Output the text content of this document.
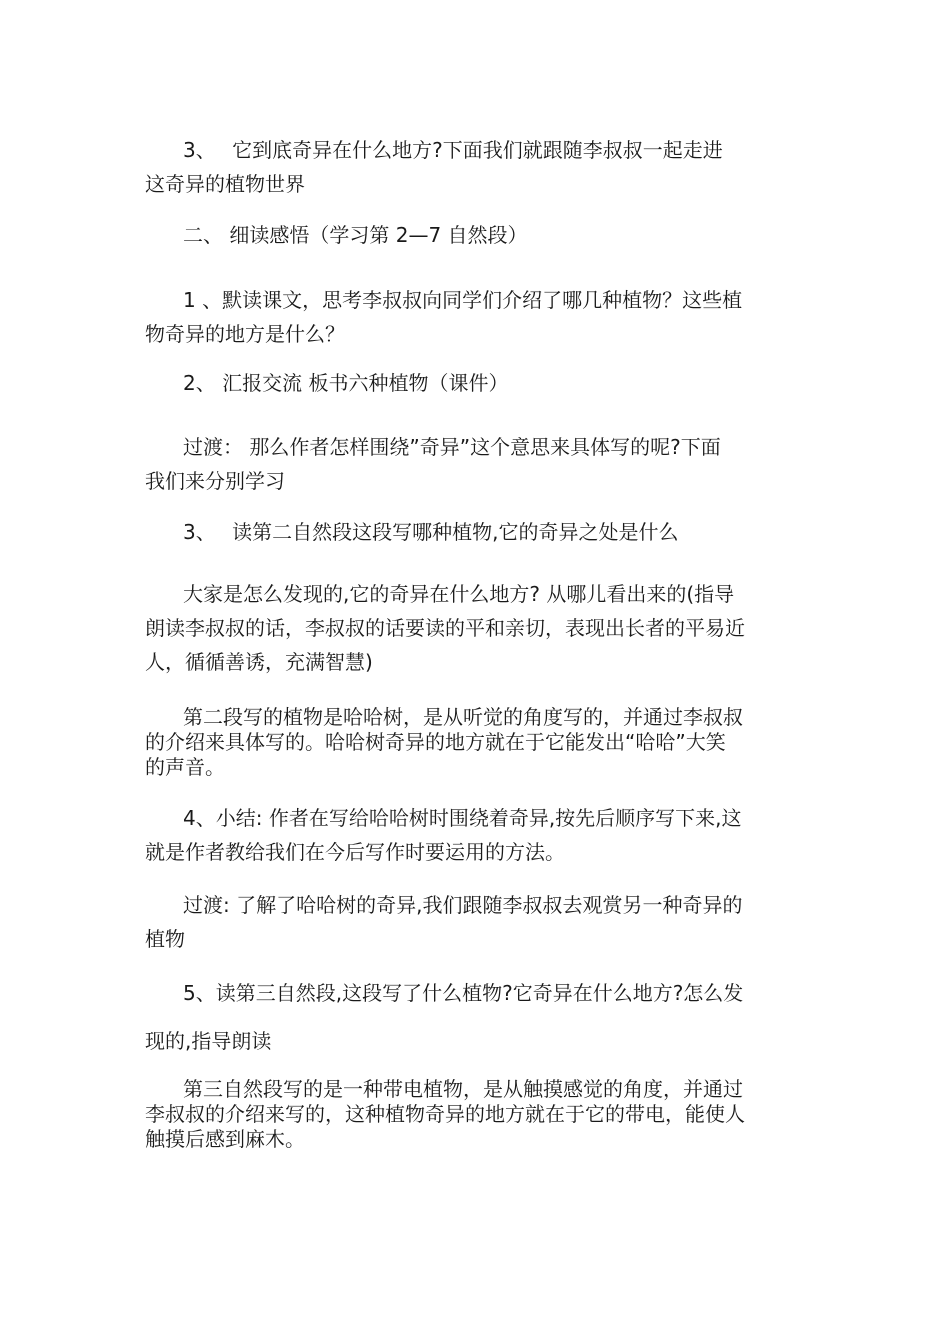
3、　 它到底奇异在什么地方?下面我们就跟随李叔叔一起走进
这奇异的植物世界
二、 细读感悟（学习第 2—7 自然段）
1 、默读课文，思考李叔叔向同学们介绍了哪几种植物？这些植
物奇异的地方是什么？
2、 汇报交流 板书六种植物（课件）
过渡： 那么作者怎样围绕”奇异”这个意思来具体写的呢?下面
我们来分别学习
3、　 读第二自然段这段写哪种植物,它的奇异之处是什么
大家是怎么发现的,它的奇异在什么地方? 从哪儿看出来的(指导
朗读李叔叔的话，李叔叔的话要读的平和亲切，表现出长者的平易近
人，循循善诱，充满智慧)
第二段写的植物是哈哈树，是从听觉的角度写的，并通过李叔叔
的介绍来具体写的。哈哈树奇异的地方就在于它能发出“哈哈”大笑
的声音。
4、小结: 作者在写给哈哈树时围绕着奇异,按先后顺序写下来,这
就是作者教给我们在今后写作时要运用的方法。
过渡: 了解了哈哈树的奇异,我们跟随李叔叔去观赏另一种奇异的
植物
5、读第三自然段,这段写了什么植物?它奇异在什么地方?怎么发
现的,指导朗读
第三自然段写的是一种带电植物，是从触摸感觉的角度，并通过
李叔叔的介绍来写的，这种植物奇异的地方就在于它的带电，能使人
触摸后感到麻木。
